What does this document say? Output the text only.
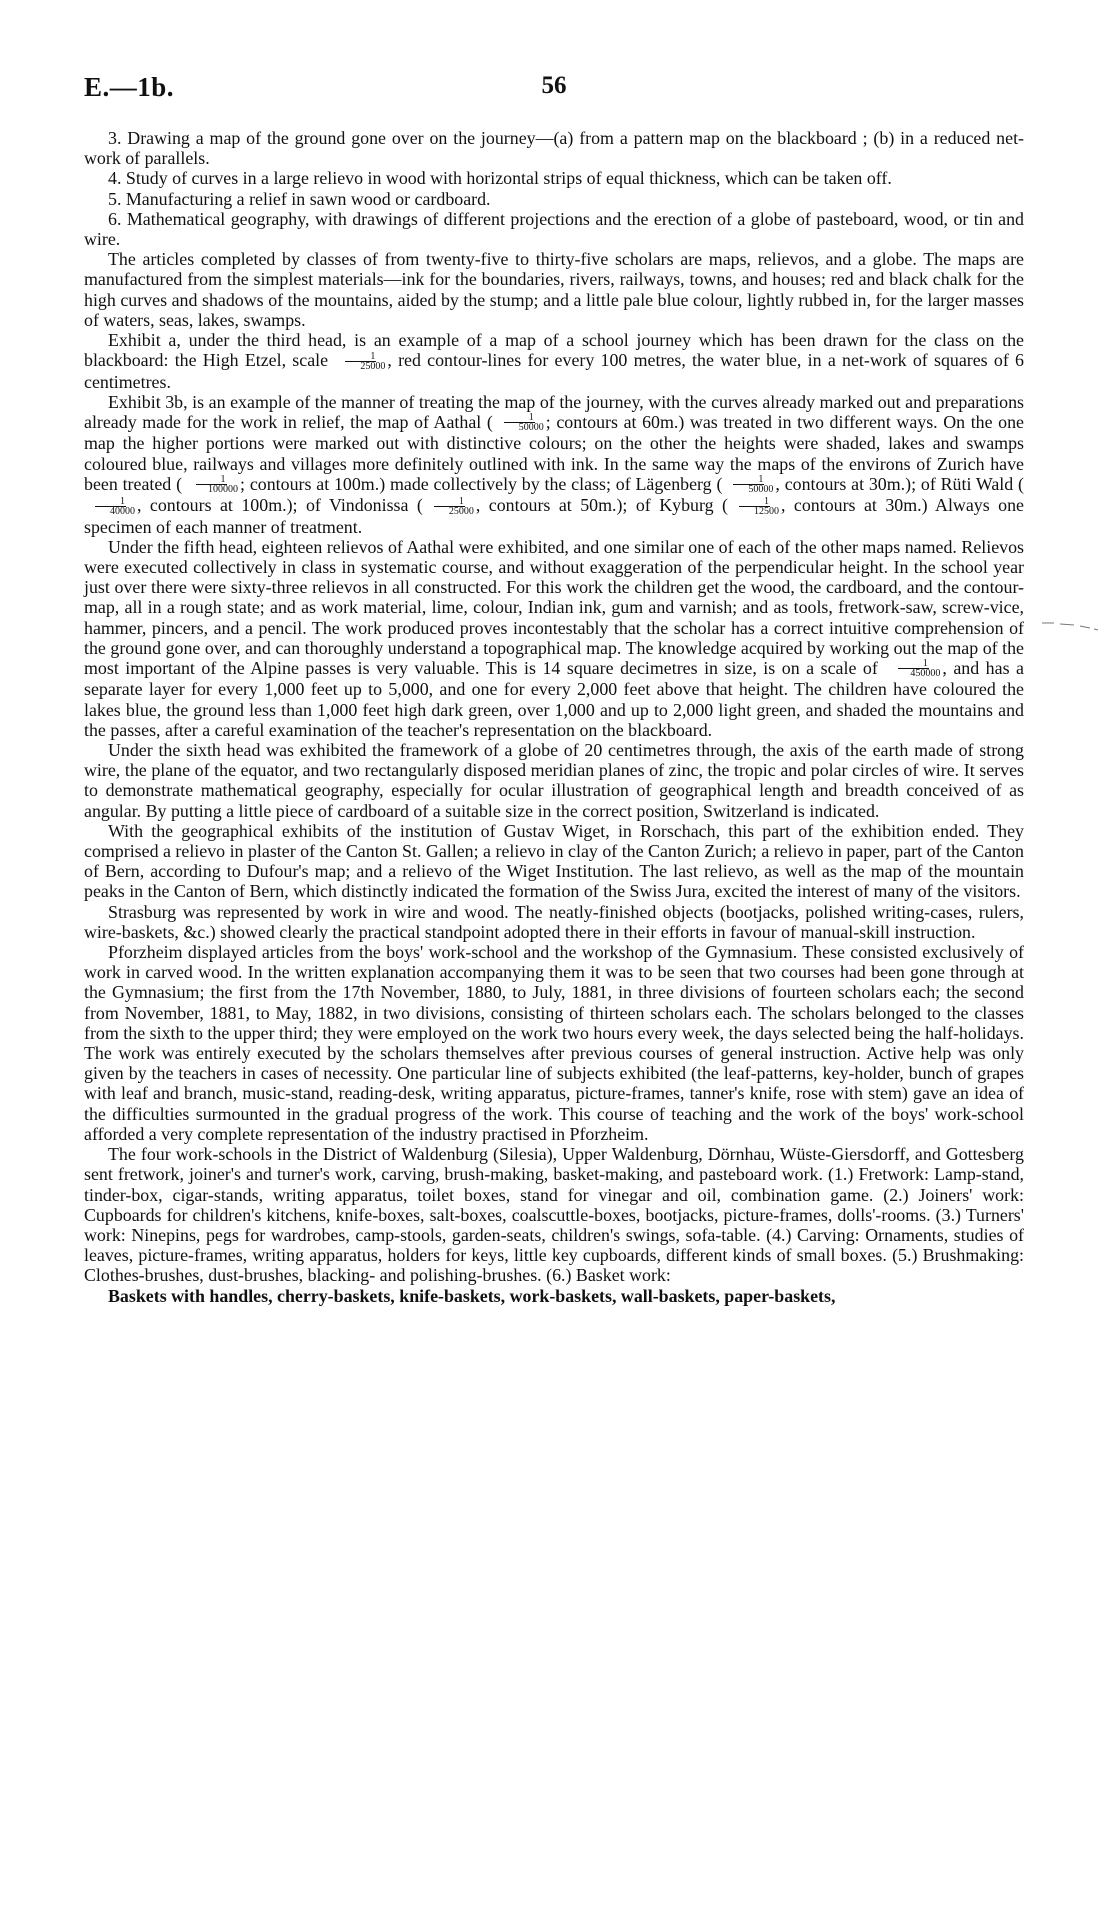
E.—1b.	56

3. Drawing a map of the ground gone over on the journey—(a) from a pattern map on the blackboard ; (b) in a reduced net-work of parallels.

4. Study of curves in a large relievo in wood with horizontal strips of equal thickness, which can be taken off.

5. Manufacturing a relief in sawn wood or cardboard.

6. Mathematical geography, with drawings of different projections and the erection of a globe of pasteboard, wood, or tin and wire.

The articles completed by classes of from twenty-five to thirty-five scholars are maps, relievos, and a globe. The maps are manufactured from the simplest materials—ink for the boundaries, rivers, railways, towns, and houses; red and black chalk for the high curves and shadows of the mountains, aided by the stump; and a little pale blue colour, lightly rubbed in, for the larger masses of waters, seas, lakes, swamps.

Exhibit a, under the third head, is an example of a map of a school journey which has been drawn for the class on the blackboard: the High Etzel, scale $\frac{1}{25000}$ , red contour-lines for every 100 metres, the water blue, in a net-work of squares of 6 centimetres.

Exhibit 3b, is an example of the manner of treating the map of the journey, with the curves already marked out and preparations already made for the work in relief, the map of Aathal ( $\frac{1}{50000}$ ; contours at 60m.) was treated in two different ways. On the one map the higher portions were marked out with distinctive colours; on the other the heights were shaded, lakes and swamps coloured blue, railways and villages more definitely outlined with ink. In the same way the maps of the environs of Zurich have been treated ( $\frac{1}{100000}$ ; contours at 100m.) made collectively by the class; of Lägenberg ( $\frac{1}{50000}$ , contours at 30m.); of Rüti Wald (
$\frac{1}{40000}$ , contours at 100m.); of Vindonissa ( $\frac{1}{25000}$ , contours at 50m.); of Kyburg ( $\frac{1}{12500}$ , contours at 30m.) Always one specimen of each manner of treatment.

Under the fifth head, eighteen relievos of Aathal were exhibited, and one similar one of each of the other maps named. Relievos were executed collectively in class in systematic course, and without exaggeration of the perpendicular height. In the school year just over there were sixty-three relievos in all constructed. For this work the children get the wood, the cardboard, and the contour-map, all in a rough state; and as work material, lime, colour, Indian ink, gum and varnish; and as tools, fretwork-saw, screw-vice, hammer, pincers, and a pencil. The work produced proves incontestably that the scholar has a correct intuitive comprehension of the ground gone over, and can thoroughly understand a topographical map. The knowledge acquired by working out the map of the most important of the Alpine passes is very valuable. This is 14 square decimetres in size, is on a scale of $\frac{1}{450000}$ , and has a separate layer for every 1,000 feet up to 5,000, and one for every 2,000 feet above that height. The children have coloured the lakes blue, the ground less than 1,000 feet high dark green, over 1,000 and up to 2,000 light green, and shaded the mountains and the passes, after a careful examination of the teacher's representation on the blackboard.

Under the sixth head was exhibited the framework of a globe of 20 centimetres through, the axis of the earth made of strong wire, the plane of the equator, and two rectangularly disposed meridian planes of zinc, the tropic and polar circles of wire. It serves to demonstrate mathematical geography, especially for ocular illustration of geographical length and breadth conceived of as angular. By putting a little piece of cardboard of a suitable size in the correct position, Switzerland is indicated.

With the geographical exhibits of the institution of Gustav Wiget, in Rorschach, this part of the exhibition ended. They comprised a relievo in plaster of the Canton St. Gallen; a relievo in clay of the Canton Zurich; a relievo in paper, part of the Canton of Bern, according to Dufour's map; and a relievo of the Wiget Institution. The last relievo, as well as the map of the mountain peaks in the Canton of Bern, which distinctly indicated the formation of the Swiss Jura, excited the interest of many of the visitors.

Strasburg was represented by work in wire and wood. The neatly-finished objects (bootjacks, polished writing-cases, rulers, wire-baskets, &c.) showed clearly the practical standpoint adopted there in their efforts in favour of manual-skill instruction.

Pforzheim displayed articles from the boys' work-school and the workshop of the Gymnasium. These consisted exclusively of work in carved wood. In the written explanation accompanying them it was to be seen that two courses had been gone through at the Gymnasium; the first from the 17th November, 1880, to July, 1881, in three divisions of fourteen scholars each; the second from November, 1881, to May, 1882, in two divisions, consisting of thirteen scholars each. The scholars belonged to the classes from the sixth to the upper third; they were employed on the work two hours every week, the days selected being the half-holidays. The work was entirely executed by the scholars themselves after previous courses of general instruction. Active help was only given by the teachers in cases of necessity. One particular line of subjects exhibited (the leaf-patterns, key-holder, bunch of grapes with leaf and branch, music-stand, reading-desk, writing apparatus, picture-frames, tanner's knife, rose with stem) gave an idea of the difficulties surmounted in the gradual progress of the work. This course of teaching and the work of the boys' work-school afforded a very complete representation of the industry practised in Pforzheim.

The four work-schools in the District of Waldenburg (Silesia), Upper Waldenburg, Dörnhau, Wüste-Giersdorff, and Gottesberg sent fretwork, joiner's and turner's work, carving, brush-making, basket-making, and pasteboard work. (1.) Fretwork: Lamp-stand, tinder-box, cigar-stands, writing apparatus, toilet boxes, stand for vinegar and oil, combination game. (2.) Joiners' work: Cupboards for children's kitchens, knife-boxes, salt-boxes, coalscuttle-boxes, bootjacks, picture-frames, dolls'-rooms. (3.) Turners' work: Ninepins, pegs for wardrobes, camp-stools, garden-seats, children's swings, sofa-table. (4.) Carving: Ornaments, studies of leaves, picture-frames, writing apparatus, holders for keys, little key cupboards, different kinds of small boxes. (5.) Brushmaking: Clothes-brushes, dust-brushes, blacking- and polishing-brushes. (6.) Basket work:

Baskets with handles, cherry-baskets, knife-baskets, work-baskets, wall-baskets, paper-baskets,
